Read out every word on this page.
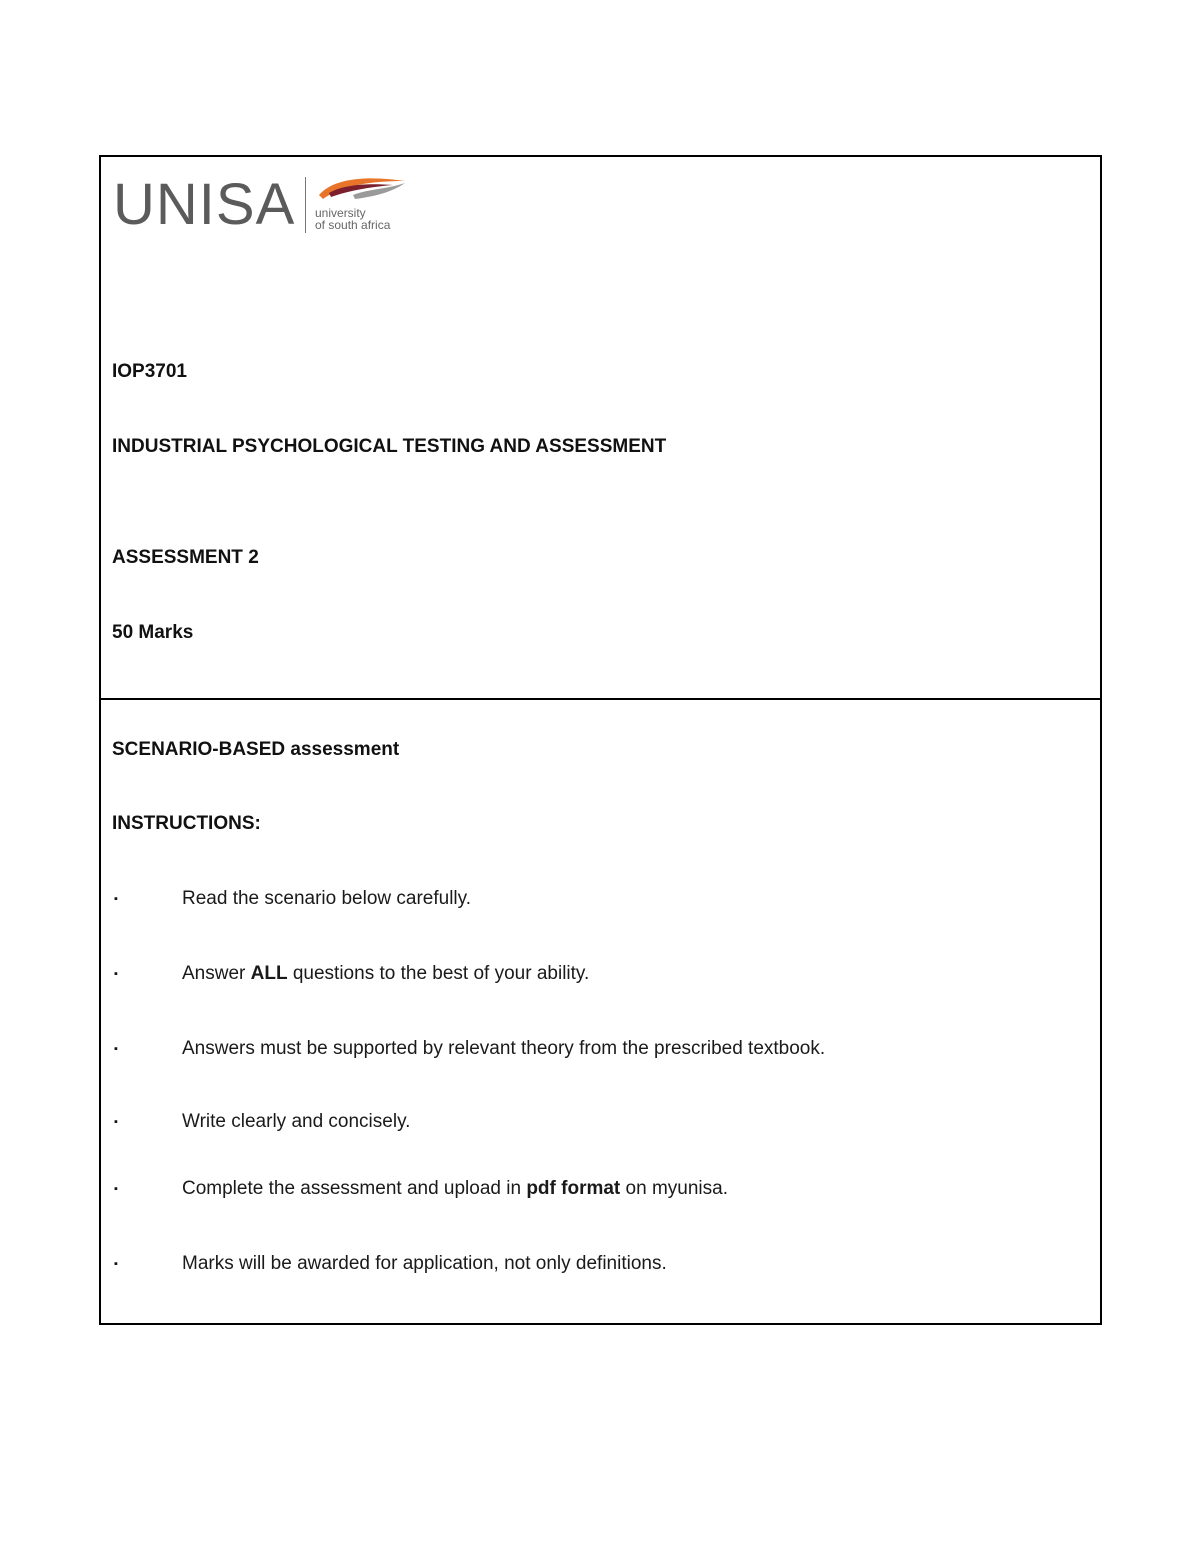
UNISA university
of south africa
IOP3701
INDUSTRIAL PSYCHOLOGICAL TESTING AND ASSESSMENT
ASSESSMENT 2
50 Marks
SCENARIO-BASED assessment
INSTRUCTIONS:
▪	Read the scenario below carefully.
▪	Answer ALL questions to the best of your ability.
▪	Answers must be supported by relevant theory from the prescribed textbook.
▪	Write clearly and concisely.
▪	Complete the assessment and upload in pdf format on myunisa.
▪	Marks will be awarded for application, not only definitions.
